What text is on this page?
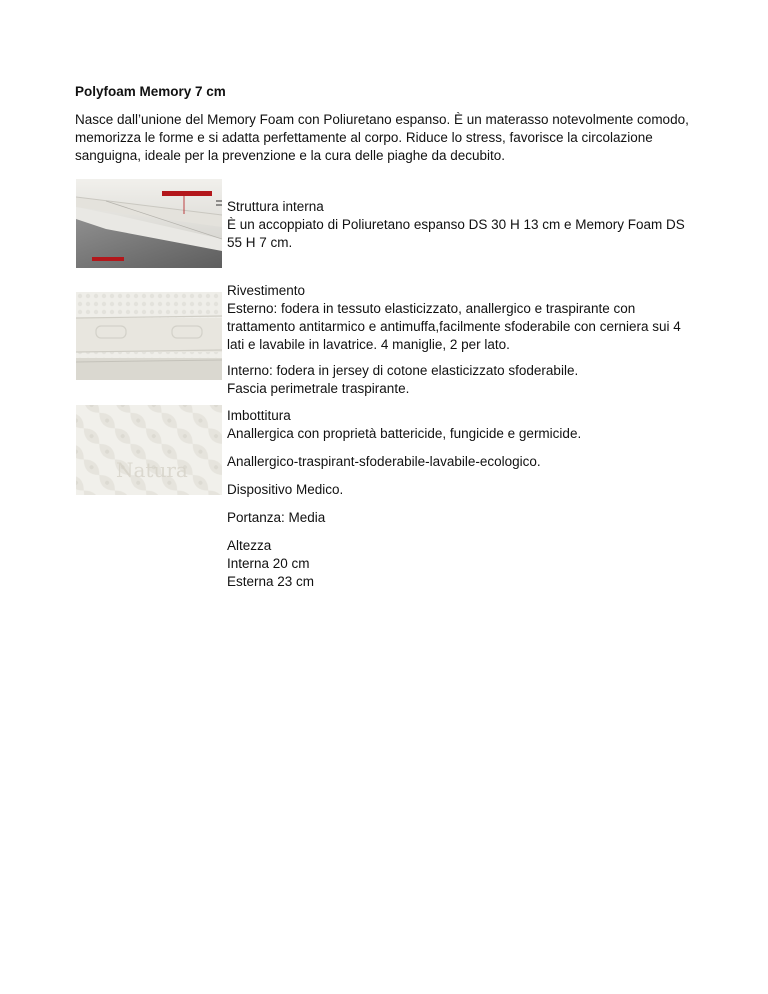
Polyfoam Memory 7 cm
Nasce dall’unione del Memory Foam con Poliuretano espanso. È un materasso notevolmente comodo, memorizza le forme e si adatta perfettamente al corpo. Riduce lo stress, favorisce la circolazione sanguigna, ideale per la prevenzione e la cura delle piaghe da decubito.

Struttura interna

È un accoppiato di Poliuretano espanso DS 30 H 13 cm e Memory Foam DS 55 H 7 cm.

Rivestimento

Esterno: fodera in tessuto elasticizzato, anallergico e traspirante con trattamento antitarmico e antimuffa,facilmente sfoderabile con cerniera sui 4 lati e lavabile in lavatrice. 4 maniglie, 2 per lato.

Interno: fodera in jersey di cotone elasticizzato sfoderabile.
Fascia perimetrale traspirante.

Natura

Imbottitura
Anallergica con proprietà battericide, fungicide e germicide.

Anallergico-traspirant-sfoderabile-lavabile-ecologico.

Dispositivo Medico.

Portanza: Media

Altezza
Interna 20 cm
Esterna 23 cm
